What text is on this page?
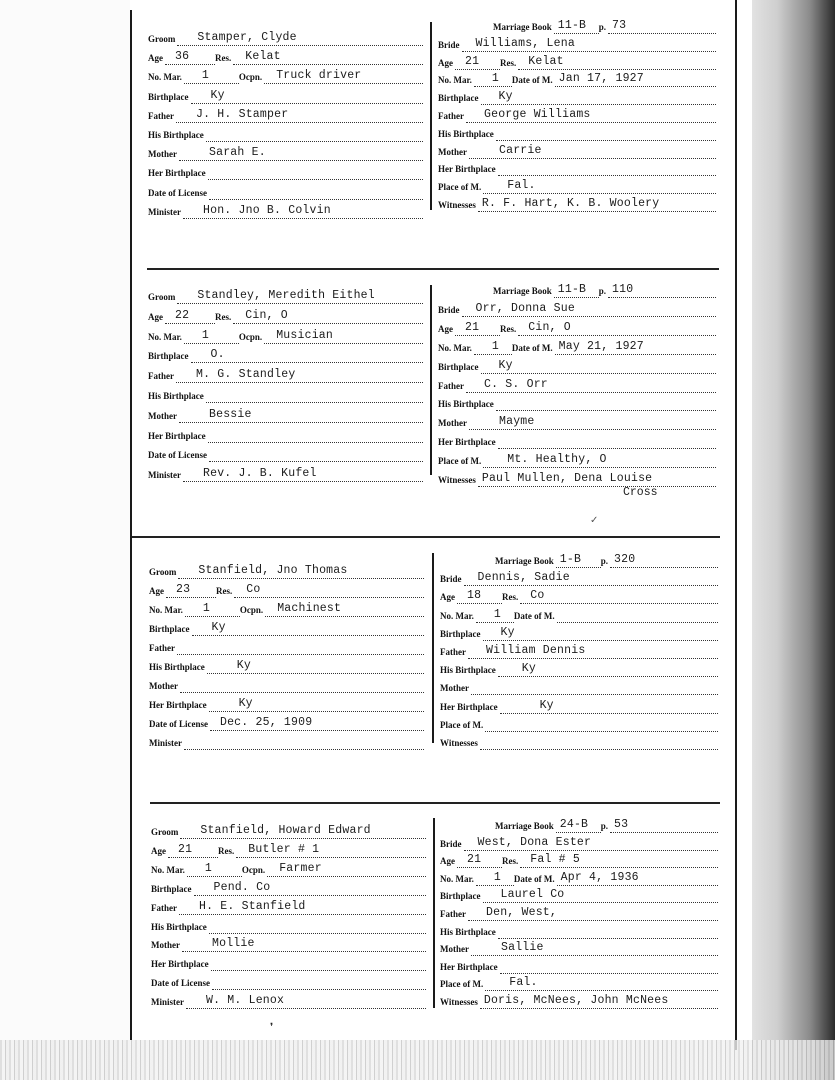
Groom Stamper, Clyde
Age 36	Res. Kelat
No. Mar. 1	Ocpn. Truck driver
Birthplace Ky
Father J. H. Stamper
His Birthplace
Mother	Sarah E.
Her Birthplace
Date of License
Minister Hon. Jno B. Colvin
Marriage Book 11-B p. 73
Bride Williams, Lena
Age 21 Res. Kelat
No. Mar. 1 Date of M. Jan 17, 1927
Birthplace Ky
Father George Williams
His Birthplace
Mother	Carrie
Her Birthplace
Place of M. Fal.
Witnesses R. F. Hart, K. B. Woolery
Groom Standley, Meredith Eithel
Age 22	Res. Cin, O
No. Mar. 1	Ocpn. Musician
Birthplace O.
Father M. G. Standley
His Birthplace
Mother	Bessie
Her Birthplace
Date of License
Minister Rev. J. B. Kufel
Marriage Book 11-B p. 110
Bride Orr, Donna Sue
Age 21 Res. Cin, O
No. Mar. 1 Date of M. May 21, 1927
Birthplace Ky
Father C. S. Orr
His Birthplace
Mother	Mayme
Her Birthplace
Place of M. Mt. Healthy, O
Witnesses Paul Mullen, Dena Louise
Cross
Groom Stanfield, Jno Thomas
Age 23	Res. Co
No. Mar. 1	Ocpn. Machinest
Birthplace Ky
Father
His Birthplace	Ky
Mother
Her Birthplace	Ky
Date of License Dec. 25, 1909
Minister
Marriage Book 1-B p. 320
Bride Dennis, Sadie
Age 18 Res. Co
No. Mar. 1 Date of M.
Birthplace Ky
Father William Dennis
His Birthplace Ky
Mother
Her Birthplace	Ky
Place of M.
Witnesses
Groom Stanfield, Howard Edward
Age 21	Res. Butler # 1
No. Mar. 1	Ocpn. Farmer
Birthplace Pend. Co
Father H. E. Stanfield
His Birthplace
Mother	Mollie
Her Birthplace
Date of License
Minister W. M. Lenox
Marriage Book 24-B p. 53
Bride West, Dona Ester
Age 21 Res. Fal # 5
No. Mar. 1 Date of M. Apr 4, 1936
Birthplace Laurel Co
Father Den, West,
His Birthplace
Mother	Sallie
Her Birthplace
Place of M. Fal.
Witnesses Doris, McNees, John McNees
✓
❜
